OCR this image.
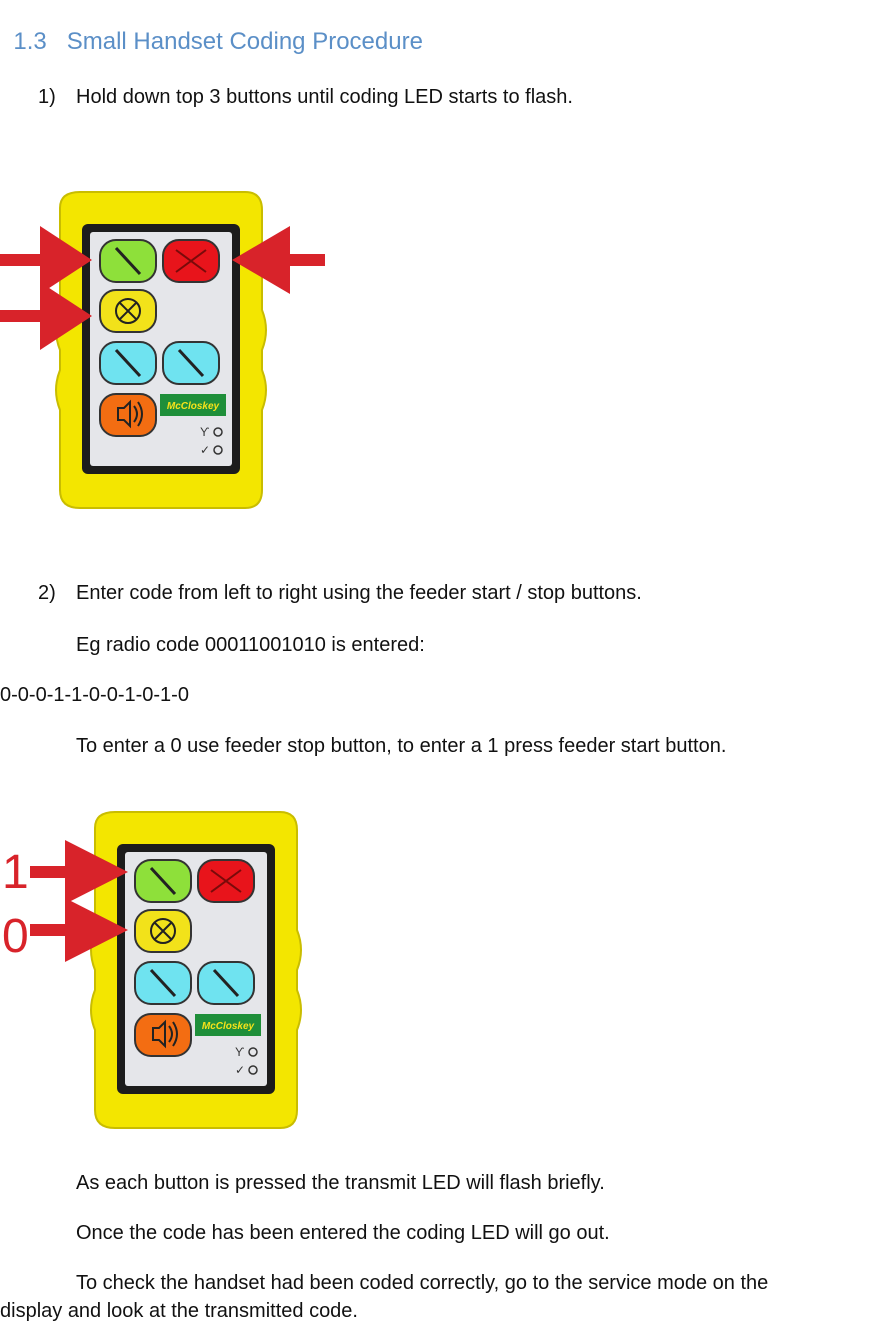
1.3 Small Handset Coding Procedure

1) Hold down top 3 buttons until coding LED starts to flash.
McCloskey
ϒ
✓
2) Enter code from left to right using the feeder start / stop buttons.
Eg radio code 00011001010 is entered:
0-0-0-1-1-0-0-1-0-1-0
To enter a 0 use feeder stop button, to enter a 1 press feeder start button.
McCloskey
ϒ
✓
1
0
As each button is pressed the transmit LED will flash briefly.
Once the code has been entered the coding LED will go out.
To check the handset had been coded correctly, go to the service mode on the
display and look at the transmitted code.
